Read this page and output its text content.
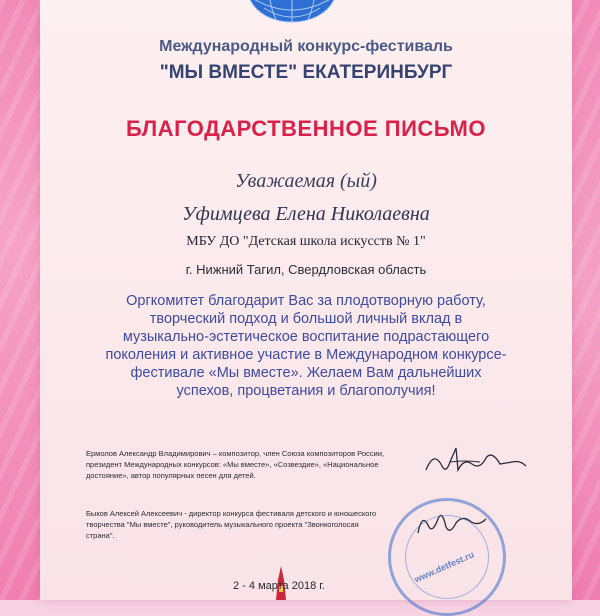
Международный конкурс-фестиваль
"МЫ ВМЕСТЕ" ЕКАТЕРИНБУРГ
БЛАГОДАРСТВЕННОЕ ПИСЬМО
Уважаемая (ый)
Уфимцева Елена Николаевна
МБУ ДО "Детская школа искусств № 1"
г. Нижний Тагил, Свердловская область
Оргкомитет благодарит Вас за плодотворную работу,
творческий подход и большой личный вклад в
музыкально-эстетическое воспитание подрастающего
поколения и активное участие в Международном конкурсе-
фестивале «Мы вместе». Желаем Вам дальнейших
успехов, процветания и благополучия!
Ермолов Александр Владимирович – композитор, член Союза композиторов России,
президент Международных конкурсов: «Мы вместе», «Созвездие», «Национальное
достояние», автор популярных песен для детей.
Быков Алексей Алексеевич - директор конкурса фестиваля детского и юношеского
творчества "Мы вместе", руководитель музыкального проекта "Звонкоголосая
страна".
www.detfest.ru
2 - 4 марта 2018 г.
